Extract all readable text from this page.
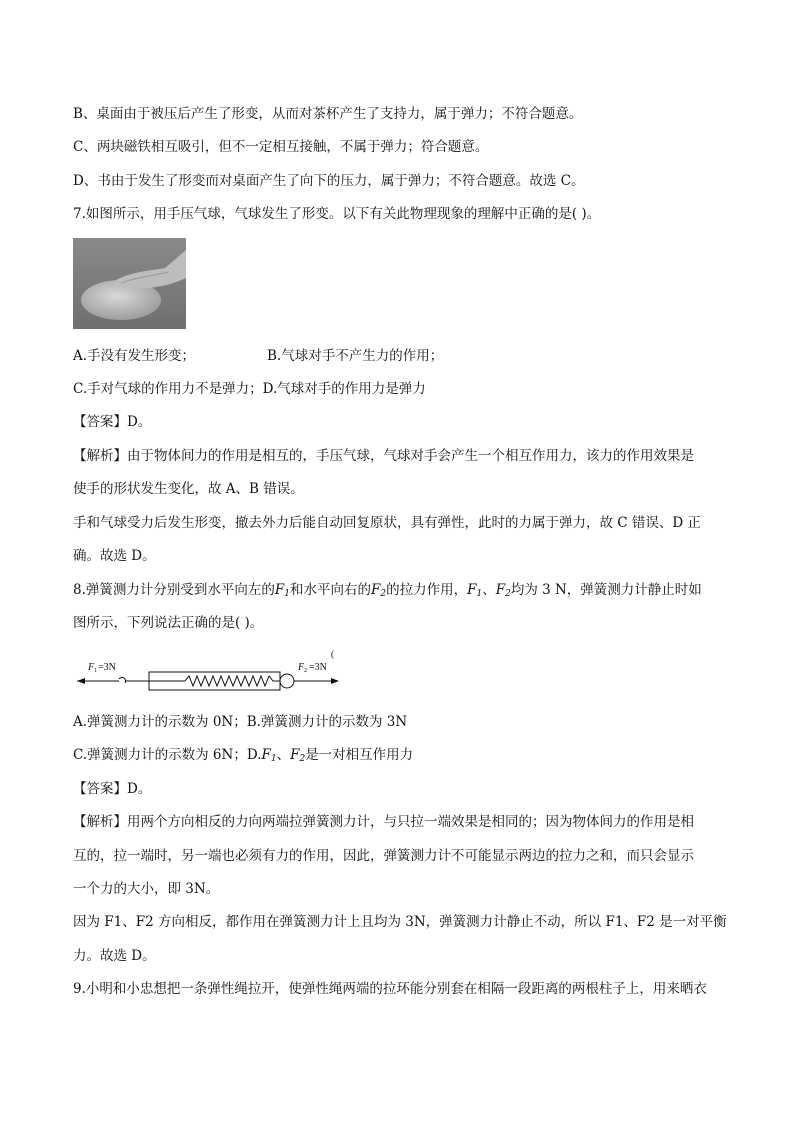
B、桌面由于被压后产生了形变，从而对茶杯产生了支持力，属于弹力；不符合题意。
C、两块磁铁相互吸引，但不一定相互接触，不属于弹力；符合题意。
D、书由于发生了形变而对桌面产生了向下的压力，属于弹力；不符合题意。故选 C。
7.如图所示，用手压气球，气球发生了形变。以下有关此物理现象的理解中正确的是( )。
A.手没有发生形变；	B.气球对手不产生力的作用；
C.手对气球的作用力不是弹力；D.气球对手的作用力是弹力
【答案】D。
【解析】由于物体间力的作用是相互的，手压气球，气球对手会产生一个相互作用力，该力的作用效果是
使手的形状发生变化，故 A、B 错误。
手和气球受力后发生形变，撤去外力后能自动回复原状，具有弹性，此时的力属于弹力，故 C 错误、D 正
确。故选 D。
8.弹簧测力计分别受到水平向左的$F_1$和水平向右的$F_2$的拉力作用，$F_1$、$F_2$均为 3 N，弹簧测力计静止时如
图所示，下列说法正确的是( )。
F 1 =3N	F 2 =3N
(
A.弹簧测力计的示数为 0N；B.弹簧测力计的示数为 3N
C.弹簧测力计的示数为 6N；$D.F_1$、$F_2$是一对相互作用力
【答案】D。
【解析】用两个方向相反的力向两端拉弹簧测力计，与只拉一端效果是相同的；因为物体间力的作用是相
互的，拉一端时，另一端也必须有力的作用，因此，弹簧测力计不可能显示两边的拉力之和，而只会显示
一个力的大小，即 3N。
因为 F1、F2 方向相反，都作用在弹簧测力计上且均为 3N，弹簧测力计静止不动，所以 F1、F2 是一对平衡
力。故选 D。
9.小明和小忠想把一条弹性绳拉开，使弹性绳两端的拉环能分别套在相隔一段距离的两根柱子上，用来晒衣
